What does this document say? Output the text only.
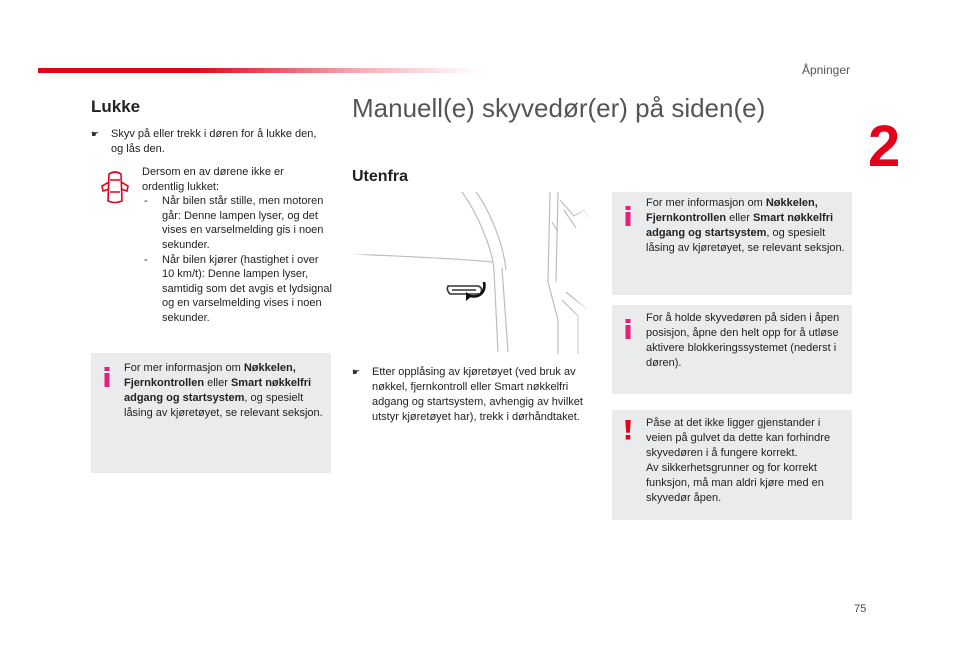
Åpninger
2
75
Lukke
☛	Skyv på eller trekk i døren for å lukke den, og lås den.
Dersom en av dørene ikke er
ordentlig lukket:
- Når bilen står stille, men motoren går: Denne lampen lyser, og det vises en varselmelding gis i noen sekunder.
- Når bilen kjører (hastighet i over 10 km/t): Denne lampen lyser, samtidig som det avgis et lydsignal og en varselmelding vises i noen sekunder.
For mer informasjon om Nøkkelen, Fjernkontrollen eller Smart nøkkelfri adgang og startsystem, og spesielt låsing av kjøretøyet, se relevant seksjon.
Manuell(e) skyvedør(er) på siden(e)
Utenfra
☛	Etter opplåsing av kjøretøyet (ved bruk av nøkkel, fjernkontroll eller Smart nøkkelfri adgang og startsystem, avhengig av hvilket utstyr kjøretøyet har), trekk i dørhåndtaket.
For mer informasjon om Nøkkelen, Fjernkontrollen eller Smart nøkkelfri adgang og startsystem, og spesielt låsing av kjøretøyet, se relevant seksjon.
For å holde skyvedøren på siden i åpen posisjon, åpne den helt opp for å utløse aktivere blokkeringssystemet (nederst i døren).
Påse at det ikke ligger gjenstander i veien på gulvet da dette kan forhindre skyvedøren i å fungere korrekt.
Av sikkerhetsgrunner og for korrekt funksjon, må man aldri kjøre med en skyvedør åpen.
